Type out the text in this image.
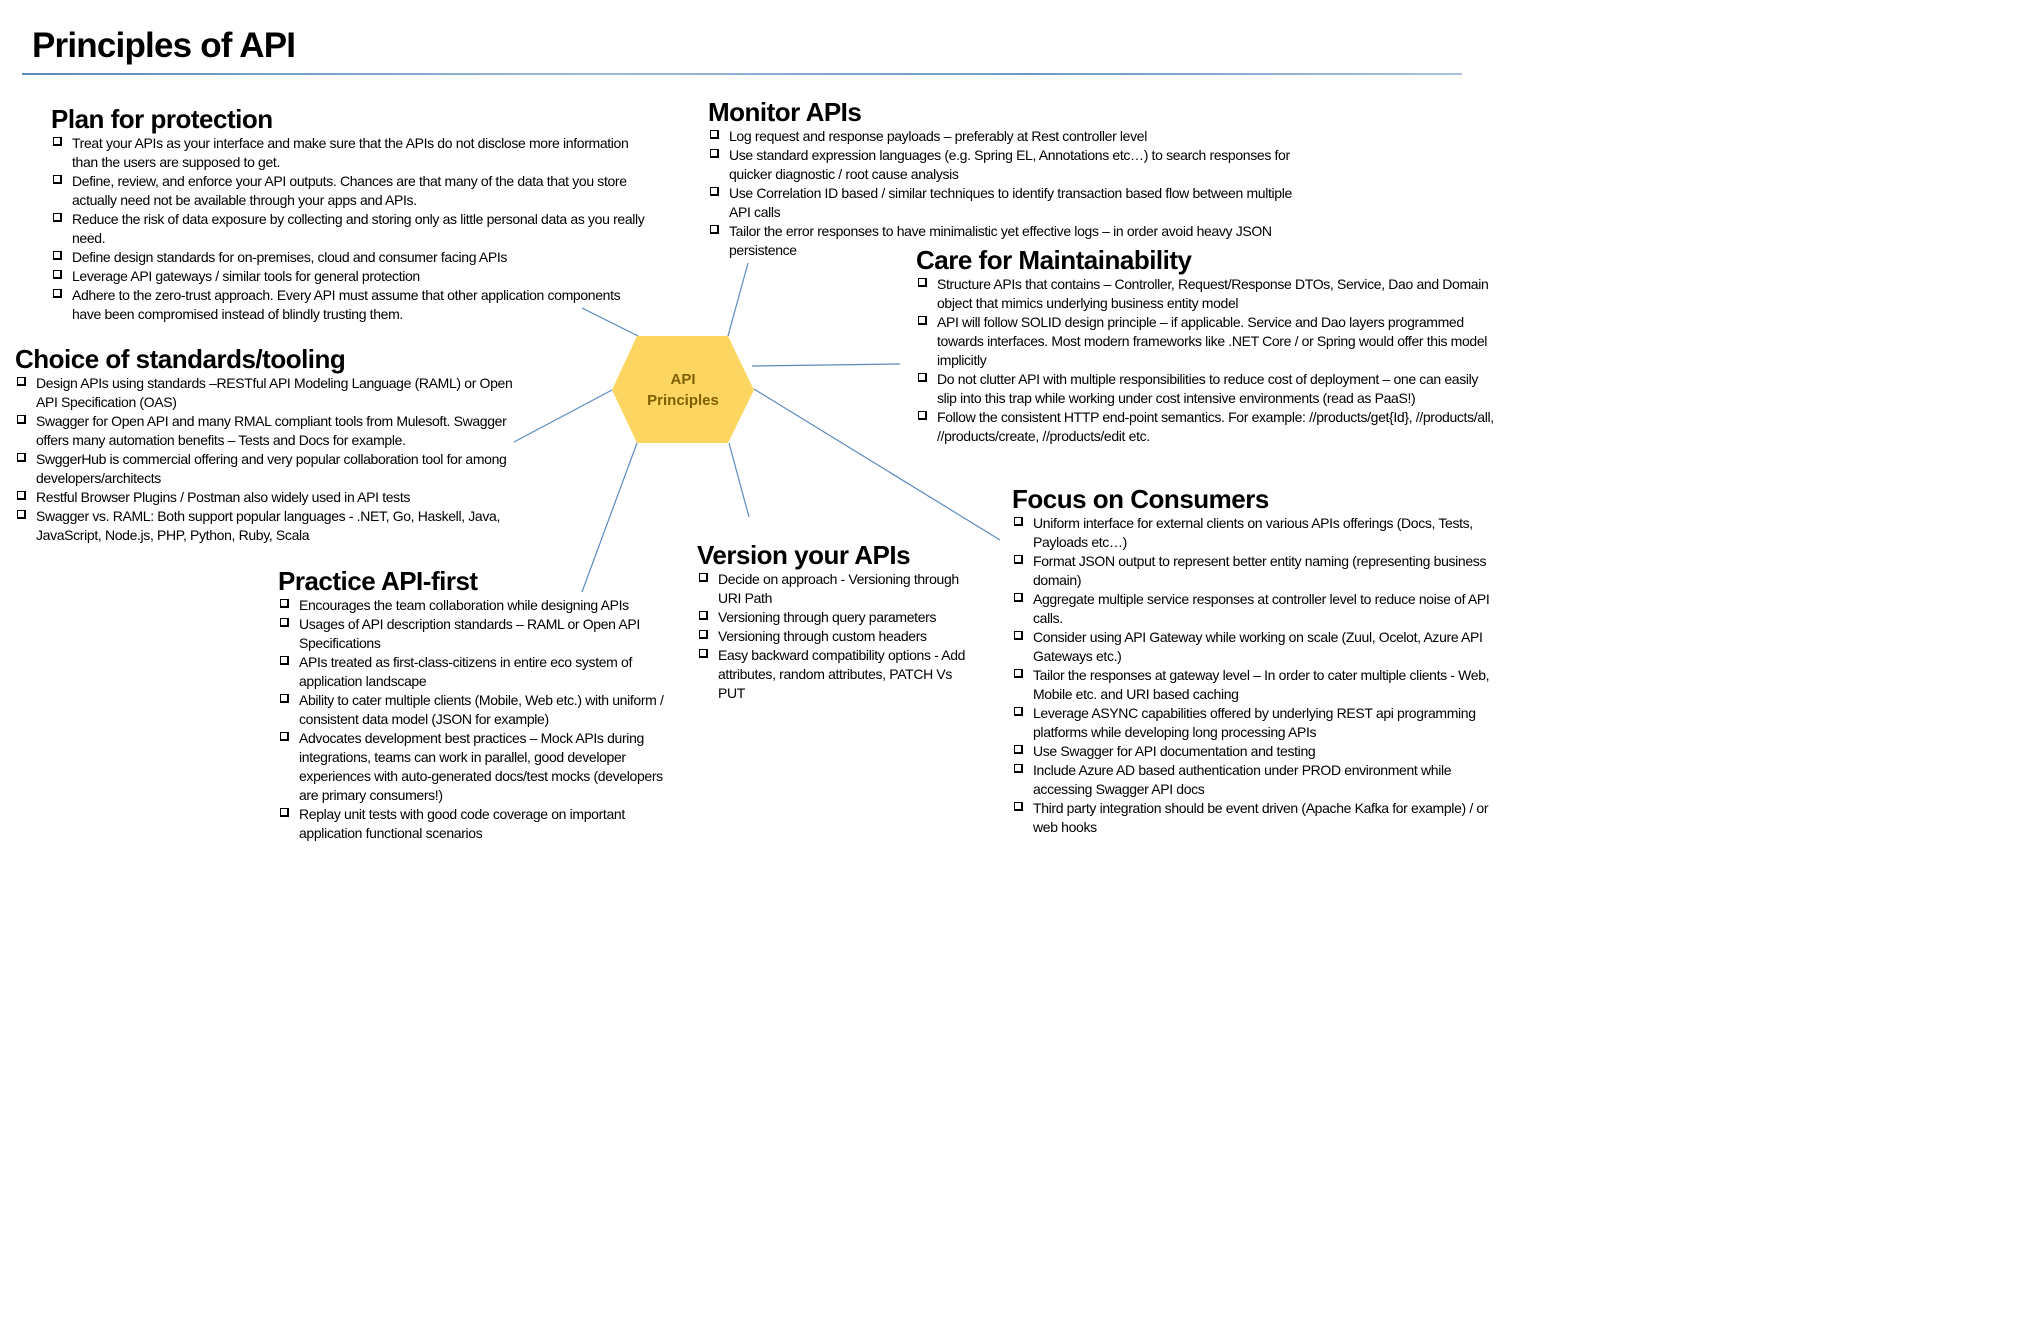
Principles of API
API
Principles
Plan for protection
Treat your APIs as your interface and make sure that the APIs do not disclose more information than the users are supposed to get.
Define, review, and enforce your API outputs. Chances are that many of the data that you store actually need not be available through your apps and APIs.
Reduce the risk of data exposure by collecting and storing only as little personal data as you really need.
Define design standards for on-premises, cloud and consumer facing APIs
Leverage API gateways / similar tools for general protection
Adhere to the zero-trust approach. Every API must assume that other application components have been compromised instead of blindly trusting them.
Monitor APIs
Log request and response payloads – preferably at Rest controller level
Use standard expression languages (e.g. Spring EL, Annotations etc…) to search responses for quicker diagnostic / root cause analysis
Use Correlation ID based / similar techniques to identify transaction based flow between multiple API calls
Tailor the error responses to have minimalistic yet effective logs – in order avoid heavy JSON persistence	Care for Maintainability
Structure APIs that contains – Controller, Request/Response DTOs, Service, Dao and Domain object that mimics underlying business entity model
API will follow SOLID design principle – if applicable. Service and Dao layers programmed towards interfaces. Most modern frameworks like .NET Core / or Spring would offer this model implicitly
Do not clutter API with multiple responsibilities to reduce cost of deployment – one can easily slip into this trap while working under cost intensive environments (read as PaaS!)
Follow the consistent HTTP end-point semantics. For example: //products/get{Id}, //products/all, //products/create, //products/edit etc.
Choice of standards/tooling
Design APIs using standards –RESTful API Modeling Language (RAML) or Open API Specification (OAS)
Swagger for Open API and many RMAL compliant tools from Mulesoft. Swagger offers many automation benefits – Tests and Docs for example.
SwggerHub is commercial offering and very popular collaboration tool for among developers/architects
Restful Browser Plugins / Postman also widely used in API tests
Swagger vs. RAML: Both support popular languages - .NET, Go, Haskell, Java, JavaScript, Node.js, PHP, Python, Ruby, Scala
Focus on Consumers
Uniform interface for external clients on various APIs offerings (Docs, Tests, Payloads etc…)
Format JSON output to represent better entity naming (representing business domain)
Aggregate multiple service responses at controller level to reduce noise of API calls.
Consider using API Gateway while working on scale (Zuul, Ocelot, Azure API Gateways etc.)
Tailor the responses at gateway level – In order to cater multiple clients - Web, Mobile etc. and URI based caching
Leverage ASYNC capabilities offered by underlying REST api programming platforms while developing long processing APIs
Use Swagger for API documentation and testing
Include Azure AD based authentication under PROD environment while accessing Swagger API docs
Third party integration should be event driven (Apache Kafka for example) / or web hooks
Version your APIs
Decide on approach - Versioning through URI Path
Versioning through query parameters
Versioning through custom headers
Easy backward compatibility options - Add attributes, random attributes, PATCH Vs PUT
Practice API-first
Encourages the team collaboration while designing APIs
Usages of API description standards – RAML or Open API Specifications
APIs treated as first-class-citizens in entire eco system of application landscape
Ability to cater multiple clients (Mobile, Web etc.) with uniform / consistent data model (JSON for example)
Advocates development best practices – Mock APIs during integrations, teams can work in parallel, good developer experiences with auto-generated docs/test mocks (developers are primary consumers!)
Replay unit tests with good code coverage on important application functional scenarios
